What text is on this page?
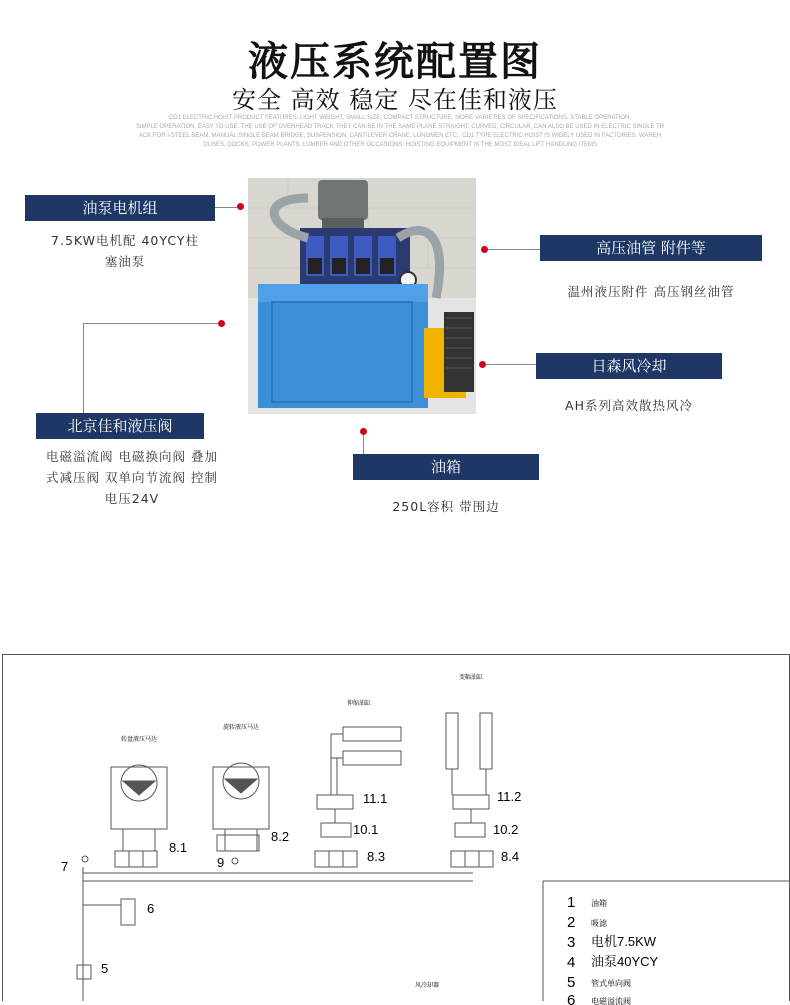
液压系统配置图
安全 高效 稳定 尽在佳和液压
CD1 ELECTRIC HOIST PRODUCT FEATURES: LIGHT WEIGHT, SMALL SIZE, COMPACT STRUCTURE, MORE VARIETIES OF SPECIFICATIONS, STABLE OPERATION,
SIMPLE OPERATION, EASY TO USE. THE USE OF OVERHEAD TRACK THEY CAN BE IN THE SAME PLANE STRAIGHT, CURVED, CIRCULAR, CAN ALSO BE USED IN ELECTRIC SINGLE TR
ACK FOR I-STEEL BEAM, MANUAL SINGLE BEAM BRIDGE, SUSPENSION, CANTILEVER CRANE, LONGMEN ETC.. CD1 TYPE ELECTRIC HOIST IS WIDELY USED IN FACTORIES, WAREH
OUSES, DOCKS, POWER PLANTS, LUMBER AND OTHER OCCASIONS, HOISTING EQUIPMENT IS THE MOST IDEAL LIFT HANDLING ITEMS
油泵电机组
7.5KW电机配 40YCY柱
塞油泵
高压油管 附件等
温州液压附件 高压钢丝油管
日森风冷却
AH系列高效散热风冷
北京佳和液压阀
电磁溢流阀 电磁换向阀 叠加
式减压阀 双单向节流阀 控制
电压24V
油箱
250L容积 带围边
转盘液压马达
旋转液压马达
伸缩油缸
变幅油缸
8.1
8.2
8.3	8.4
11.1
10.1
11.2
10.2
7	9
6
5
1 油箱
2 吸滤
3 电机7.5KW
4 油泵40YCY
5 管式单向阀
6 电磁溢流阀
风冷却器
